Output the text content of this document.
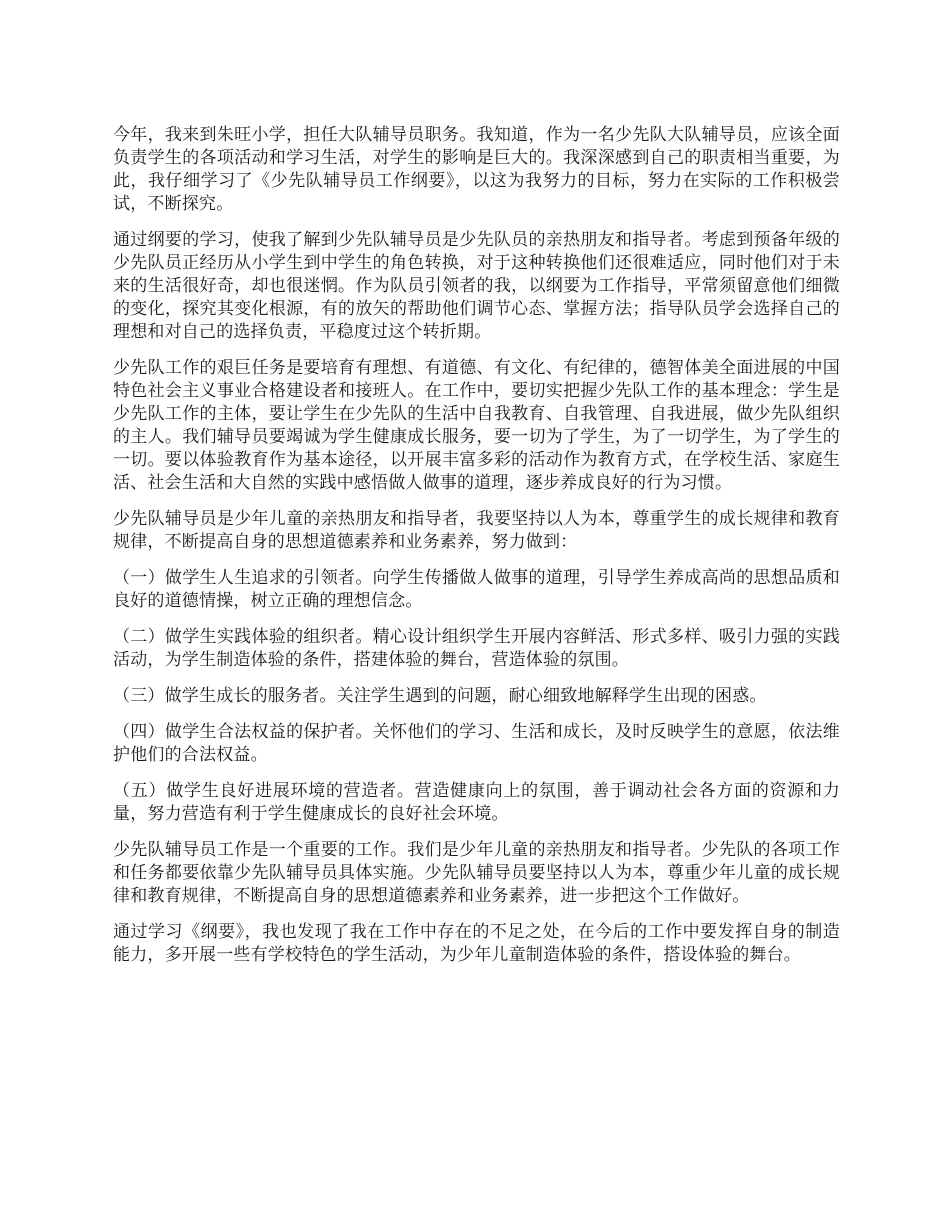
今年，我来到朱旺小学，担任大队辅导员职务。我知道，作为一名少先队大队辅导员，应该全面负责学生的各项活动和学习生活，对学生的影响是巨大的。我深深感到自己的职责相当重要，为此，我仔细学习了《少先队辅导员工作纲要》，以这为我努力的目标，努力在实际的工作积极尝试，不断探究。

通过纲要的学习，使我了解到少先队辅导员是少先队员的亲热朋友和指导者。考虑到预备年级的少先队员正经历从小学生到中学生的角色转换，对于这种转换他们还很难适应，同时他们对于未来的生活很好奇，却也很迷惘。作为队员引领者的我，以纲要为工作指导，平常须留意他们细微的变化，探究其变化根源，有的放矢的帮助他们调节心态、掌握方法；指导队员学会选择自己的理想和对自己的选择负责，平稳度过这个转折期。

少先队工作的艰巨任务是要培育有理想、有道德、有文化、有纪律的，德智体美全面进展的中国特色社会主义事业合格建设者和接班人。在工作中，要切实把握少先队工作的基本理念：学生是少先队工作的主体，要让学生在少先队的生活中自我教育、自我管理、自我进展，做少先队组织的主人。我们辅导员要竭诚为学生健康成长服务，要一切为了学生，为了一切学生，为了学生的一切。要以体验教育作为基本途径，以开展丰富多彩的活动作为教育方式，在学校生活、家庭生活、社会生活和大自然的实践中感悟做人做事的道理，逐步养成良好的行为习惯。

少先队辅导员是少年儿童的亲热朋友和指导者，我要坚持以人为本，尊重学生的成长规律和教育规律，不断提高自身的思想道德素养和业务素养，努力做到：

（一）做学生人生追求的引领者。向学生传播做人做事的道理，引导学生养成高尚的思想品质和良好的道德情操，树立正确的理想信念。

（二）做学生实践体验的组织者。精心设计组织学生开展内容鲜活、形式多样、吸引力强的实践活动，为学生制造体验的条件，搭建体验的舞台，营造体验的氛围。

（三）做学生成长的服务者。关注学生遇到的问题，耐心细致地解释学生出现的困惑。

（四）做学生合法权益的保护者。关怀他们的学习、生活和成长，及时反映学生的意愿，依法维护他们的合法权益。

（五）做学生良好进展环境的营造者。营造健康向上的氛围，善于调动社会各方面的资源和力量，努力营造有利于学生健康成长的良好社会环境。

少先队辅导员工作是一个重要的工作。我们是少年儿童的亲热朋友和指导者。少先队的各项工作和任务都要依靠少先队辅导员具体实施。少先队辅导员要坚持以人为本，尊重少年儿童的成长规律和教育规律，不断提高自身的思想道德素养和业务素养，进一步把这个工作做好。

通过学习《纲要》，我也发现了我在工作中存在的不足之处，在今后的工作中要发挥自身的制造能力，多开展一些有学校特色的学生活动，为少年儿童制造体验的条件，搭设体验的舞台。
